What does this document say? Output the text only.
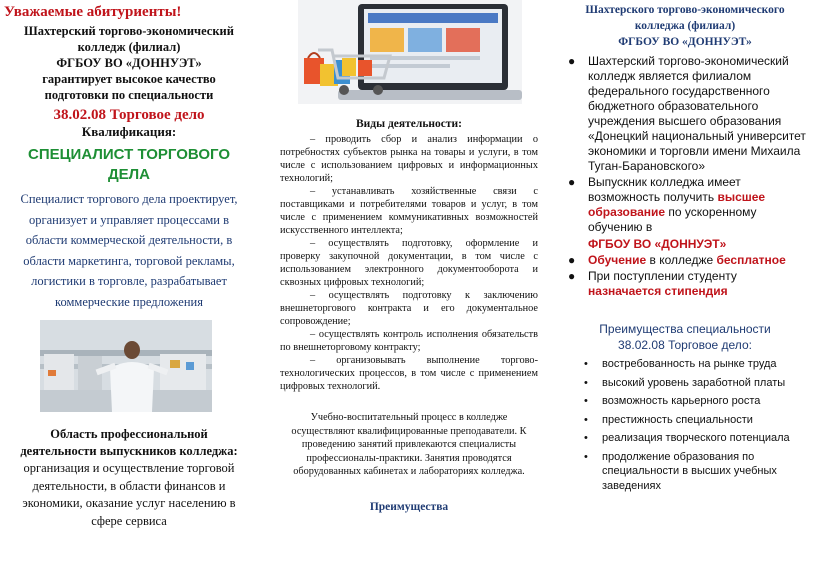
Уважаемые абитуриенты!
Шахтерский торгово-экономический
колледж (филиал)
ФГБОУ ВО «ДОННУЭТ»
гарантирует высокое качество
подготовки по специальности
38.02.08 Торговое дело
Квалификация:
СПЕЦИАЛИСТ ТОРГОВОГО
ДЕЛА
Специалист торгового дела проектирует,
организует и управляет процессами в
области коммерческой деятельности, в
области маркетинга, торговой рекламы,
логистики в торговле, разрабатывает
коммерческие предложения
Область профессиональной
деятельности выпускников колледжа:
организация и осуществление торговой
деятельности, в области финансов и
экономики, оказание услуг населению в
сфере сервиса
Виды деятельности:

– проводить сбор и анализ информации о потребностях субъектов рынка на товары и услуги, в том числе с использованием цифровых и информационных технологий;

– устанавливать хозяйственные связи с поставщиками и потребителями товаров и услуг, в том числе с применением коммуникативных возможностей искусственного интеллекта;

– осуществлять подготовку, оформление и проверку закупочной документации, в том числе с использованием электронного документооборота и сквозных цифровых технологий;

– осуществлять подготовку к заключению внешнеторгового контракта и его документальное сопровождение;

– осуществлять контроль исполнения обязательств по внешнеторговому контракту;

– организовывать выполнение торгово-технологических процессов, в том числе с применением цифровых технологий.

Учебно-воспитательный процесс в колледже осуществляют квалифицированные преподаватели. К проведению занятий привлекаются специалисты профессионалы-практики. Занятия проводятся оборудованных кабинетах и лабораториях колледжа.
Преимущества
Шахтерского торгово-экономического
колледжа (филиал)
ФГБОУ ВО «ДОННУЭТ»
● Шахтерский торгово-экономический колледж является филиалом федерального государственного бюджетного образовательного учреждения высшего образования «Донецкий национальный университет экономики и торговли имени Михаила Туган-Барановского»
● Выпускник колледжа имеет возможность получить высшее образование по ускоренному обучению в
ФГБОУ ВО «ДОННУЭТ»
● Обучение в колледже бесплатное
● При поступлении студенту
назначается стипендия
Преимущества специальности
38.02.08 Торговое дело:
• востребованность на рынке труда
• высокий уровень заработной платы
• возможность карьерного роста
• престижность специальности
• реализация творческого потенциала
• продолжение образования по специальности в высших учебных заведениях
